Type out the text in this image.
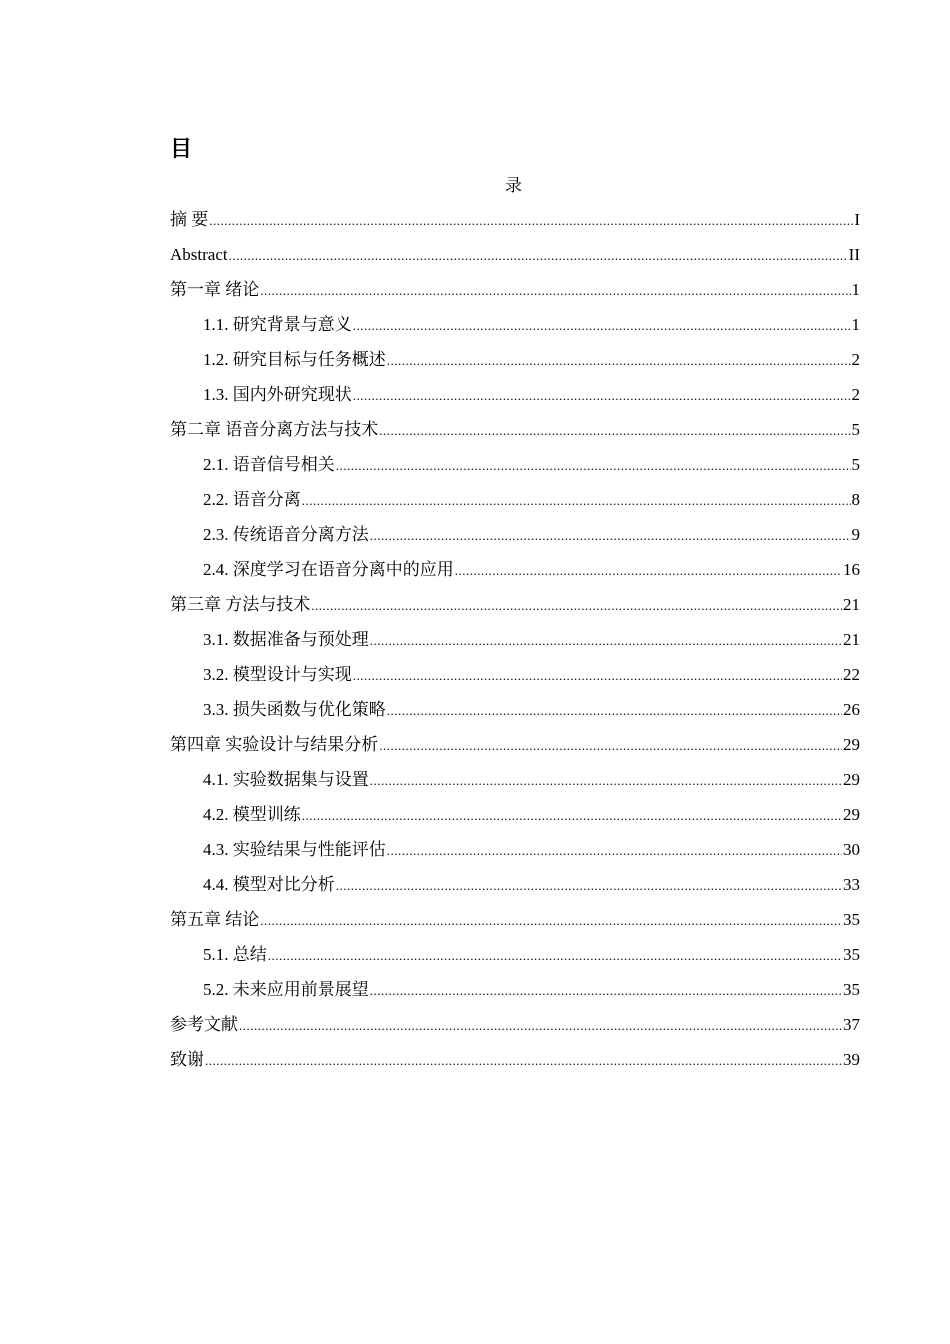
目
录
摘 要 .....	I
Abstract .....	II
第一章 绪论 .....	1
1.1. 研究背景与意义 .....	1
1.2. 研究目标与任务概述 .....	2
1.3. 国内外研究现状 .....	2
第二章 语音分离方法与技术 .....	5
2.1. 语音信号相关 .....	5
2.2. 语音分离 .....	8
2.3. 传统语音分离方法 .....	9
2.4. 深度学习在语音分离中的应用 .....	16
第三章 方法与技术 .....	21
3.1. 数据准备与预处理 .....	21
3.2. 模型设计与实现 .....	22
3.3. 损失函数与优化策略 .....	26
第四章 实验设计与结果分析 .....	29
4.1. 实验数据集与设置 .....	29
4.2. 模型训练 .....	29
4.3. 实验结果与性能评估 .....	30
4.4. 模型对比分析 .....	33
第五章 结论 .....	35
5.1. 总结 .....	35
5.2. 未来应用前景展望 .....	35
参考文献 .....	37
致谢 .....	39
